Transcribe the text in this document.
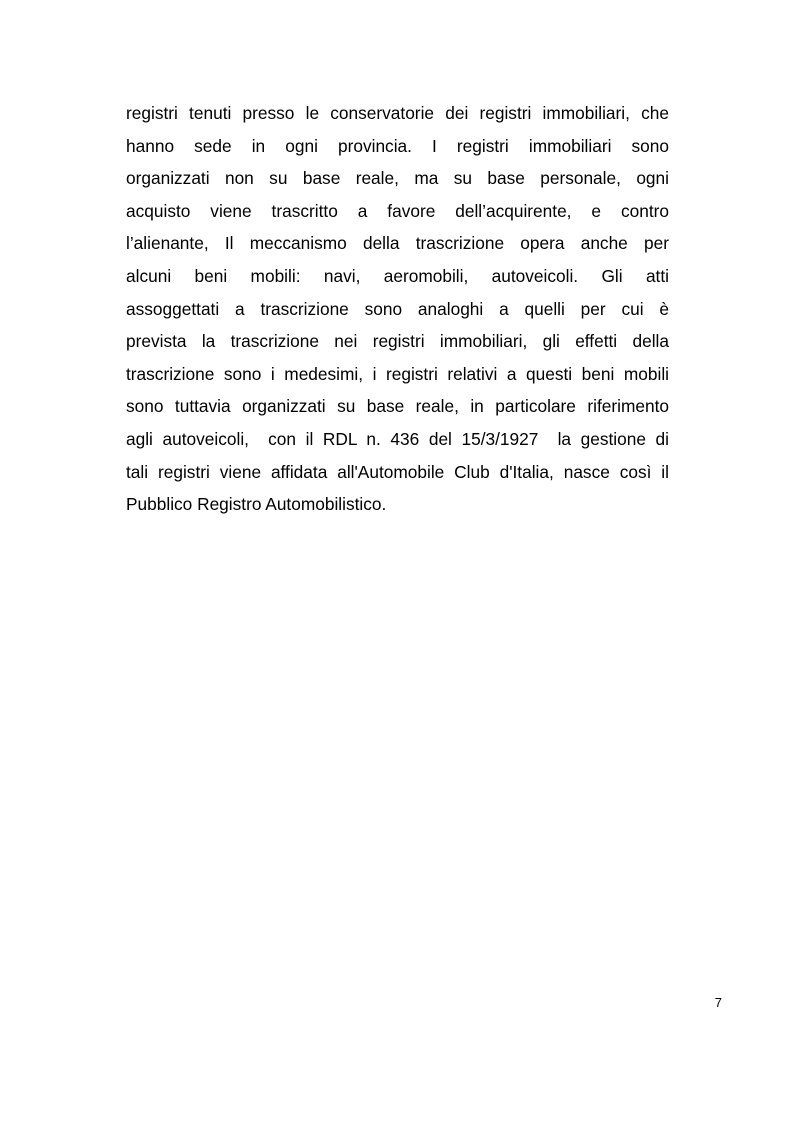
registri tenuti presso le conservatorie dei registri immobiliari, che
hanno sede in ogni provincia. I registri immobiliari sono
organizzati non su base reale, ma su base personale, ogni
acquisto viene trascritto a favore dell’acquirente, e contro
l’alienante, Il meccanismo della trascrizione opera anche per
alcuni beni mobili: navi, aeromobili, autoveicoli. Gli atti
assoggettati a trascrizione sono analoghi a quelli per cui è
prevista la trascrizione nei registri immobiliari, gli effetti della
trascrizione sono i medesimi, i registri relativi a questi beni mobili
sono tuttavia organizzati su base reale, in particolare riferimento
agli autoveicoli,  con il RDL n. 436 del 15/3/1927  la gestione di
tali registri viene affidata all'Automobile Club d'Italia, nasce così il
Pubblico Registro Automobilistico.
7
